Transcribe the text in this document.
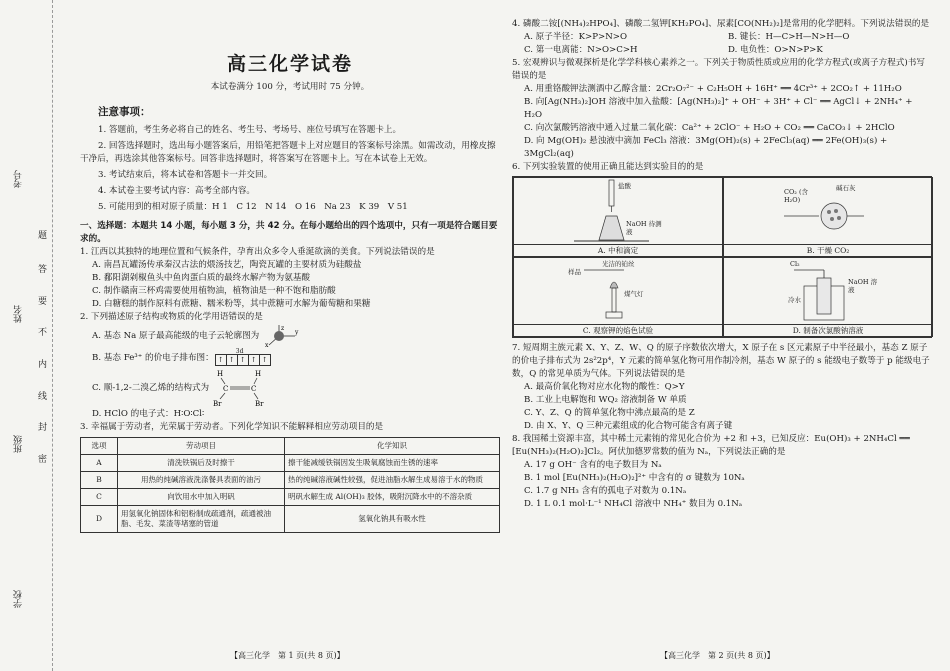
考号
姓名
班级
学校
题
答
要
不
内
线
封
密
高三化学试卷
本试卷满分 100 分，考试用时 75 分钟。
注意事项：

1. 答题前，考生务必将自己的姓名、考生号、考场号、座位号填写在答题卡上。

2. 回答选择题时，选出每小题答案后，用铅笔把答题卡上对应题目的答案标号涂黑。如需改动，用橡皮擦干净后，再选涂其他答案标号。回答非选择题时，将答案写在答题卡上。写在本试卷上无效。

3. 考试结束后，将本试卷和答题卡一并交回。

4. 本试卷主要考试内容：高考全部内容。

5. 可能用到的相对原子质量：H 1　C 12　N 14　O 16　Na 23　K 39　V 51

一、选择题：本题共 14 小题，每小题 3 分，共 42 分。在每小题给出的四个选项中，只有一项是符合题目要求的。

1. 江西以其独特的地理位置和气候条件，孕育出众多令人垂涎欲滴的美食。下列说法错误的是

A. 南昌瓦罐汤传承秦汉古法的煨汤技艺，陶瓷瓦罐的主要材质为硅酸盐

B. 鄱阳湖剁椒鱼头中鱼肉蛋白质的最终水解产物为氨基酸

C. 制作赣南三杯鸡需要使用植物油，植物油是一种不饱和脂肪酸

D. 白糖糕的制作原料有蔗糖、糯米粉等，其中蔗糖可水解为葡萄糖和果糖

2. 下列描述原子结构或物质的化学用语错误的是

A. 基态 Na 原子最高能级的电子云轮廓图为	y
x
z
B. 基态 Fe³⁺ 的价电子排布图：
3d
↑ ↑ ↑ ↑ ↑
C. 顺-1,2-二溴乙烯的结构式为
H	H
C	C
Br	Br

D. HClO 的电子式：H∶O∶Cl∶

3. 幸福属于劳动者，光荣属于劳动者。下列化学知识不能解释相应劳动项目的是

选项	劳动项目	化学知识
A	清洗铁锅后及时擦干	擦干能减缓铁锅因发生吸氧腐蚀而生锈的速率
B	用热的纯碱溶液洗涤餐具表面的油污	热的纯碱溶液碱性较强，促进油脂水解生成易溶于水的物质
C	向饮用水中加入明矾	明矾水解生成 Al(OH)₃ 胶体，吸附沉降水中的不溶杂质
D	用氢氧化钠固体和铝粉制成疏通剂，疏通被油脂、毛发、菜渣等堵塞的管道	氢氧化钠具有吸水性
【高三化学　第 1 页(共 8 页)】

4. 磷酸二铵[(NH₄)₂HPO₄]、磷酸二氢钾[KH₂PO₄]、尿素[CO(NH₂)₂]是常用的化学肥料。下列说法错误的是

A. 原子半径：K>P>N>O	B. 键长：H—C>H—N>H—O
C. 第一电离能：N>O>C>H	D. 电负性：O>N>P>K

5. 宏观辨识与微观探析是化学学科核心素养之一。下列关于物质性质或应用的化学方程式(或离子方程式)书写错误的是

A. 用重铬酸钾法测酒中乙醇含量：2Cr₂O₇²⁻ + C₂H₅OH + 16H⁺ ══ 4Cr³⁺ + 2CO₂↑ + 11H₂O

B. 向[Ag(NH₃)₂]OH 溶液中加入盐酸：[Ag(NH₃)₂]⁺ + OH⁻ + 3H⁺ + Cl⁻ ══ AgCl↓ + 2NH₄⁺ + H₂O

C. 向次氯酸钙溶液中通入过量二氧化碳：Ca²⁺ + 2ClO⁻ + H₂O + CO₂ ══ CaCO₃↓ + 2HClO

D. 向 Mg(OH)₂ 悬浊液中滴加 FeCl₃ 溶液：3Mg(OH)₂(s) + 2FeCl₃(aq) ══ 2Fe(OH)₃(s) + 3MgCl₂(aq)

6. 下列实验装置的使用正确且能达到实验目的的是

盐酸
NaOH 待测液
A. 中和滴定
CO₂ (含 H₂O)
碱石灰
B. 干燥 CO₂
光洁的铂丝
样品
煤气灯
C. 观察钾的焰色试验
Cl₂
NaOH 溶液
冷水
D. 制备次氯酸钠溶液

7. 短周期主族元素 X、Y、Z、W、Q 的原子序数依次增大，X 原子在 s 区元素原子中半径最小，基态 Z 原子的价电子排布式为 2s²2p⁴，Y 元素的简单氢化物可用作制冷剂，基态 W 原子的 s 能级电子数等于 p 能级电子数，Q 的常见单质为气体。下列说法错误的是

A. 最高价氧化物对应水化物的酸性：Q>Y

B. 工业上电解饱和 WQ₂ 溶液制备 W 单质

C. Y、Z、Q 的简单氢化物中沸点最高的是 Z

D. 由 X、Y、Q 三种元素组成的化合物可能含有离子键

8. 我国稀土资源丰富，其中稀土元素铕的常见化合价为 +2 和 +3，已知反应：Eu(OH)₃ + 2NH₄Cl ══ [Eu(NH₃)₂(H₂O)₂]Cl₂。阿伏加德罗常数的值为 Nₐ，下列说法正确的是

A. 17 g OH⁻ 含有的电子数目为 Nₐ

B. 1 mol [Eu(NH₃)₂(H₂O)₂]²⁺ 中含有的 σ 键数为 10Nₐ

C. 1.7 g NH₃ 含有的孤电子对数为 0.1Nₐ

D. 1 L 0.1 mol·L⁻¹ NH₄Cl 溶液中 NH₄⁺ 数目为 0.1Nₐ

【高三化学　第 2 页(共 8 页)】
